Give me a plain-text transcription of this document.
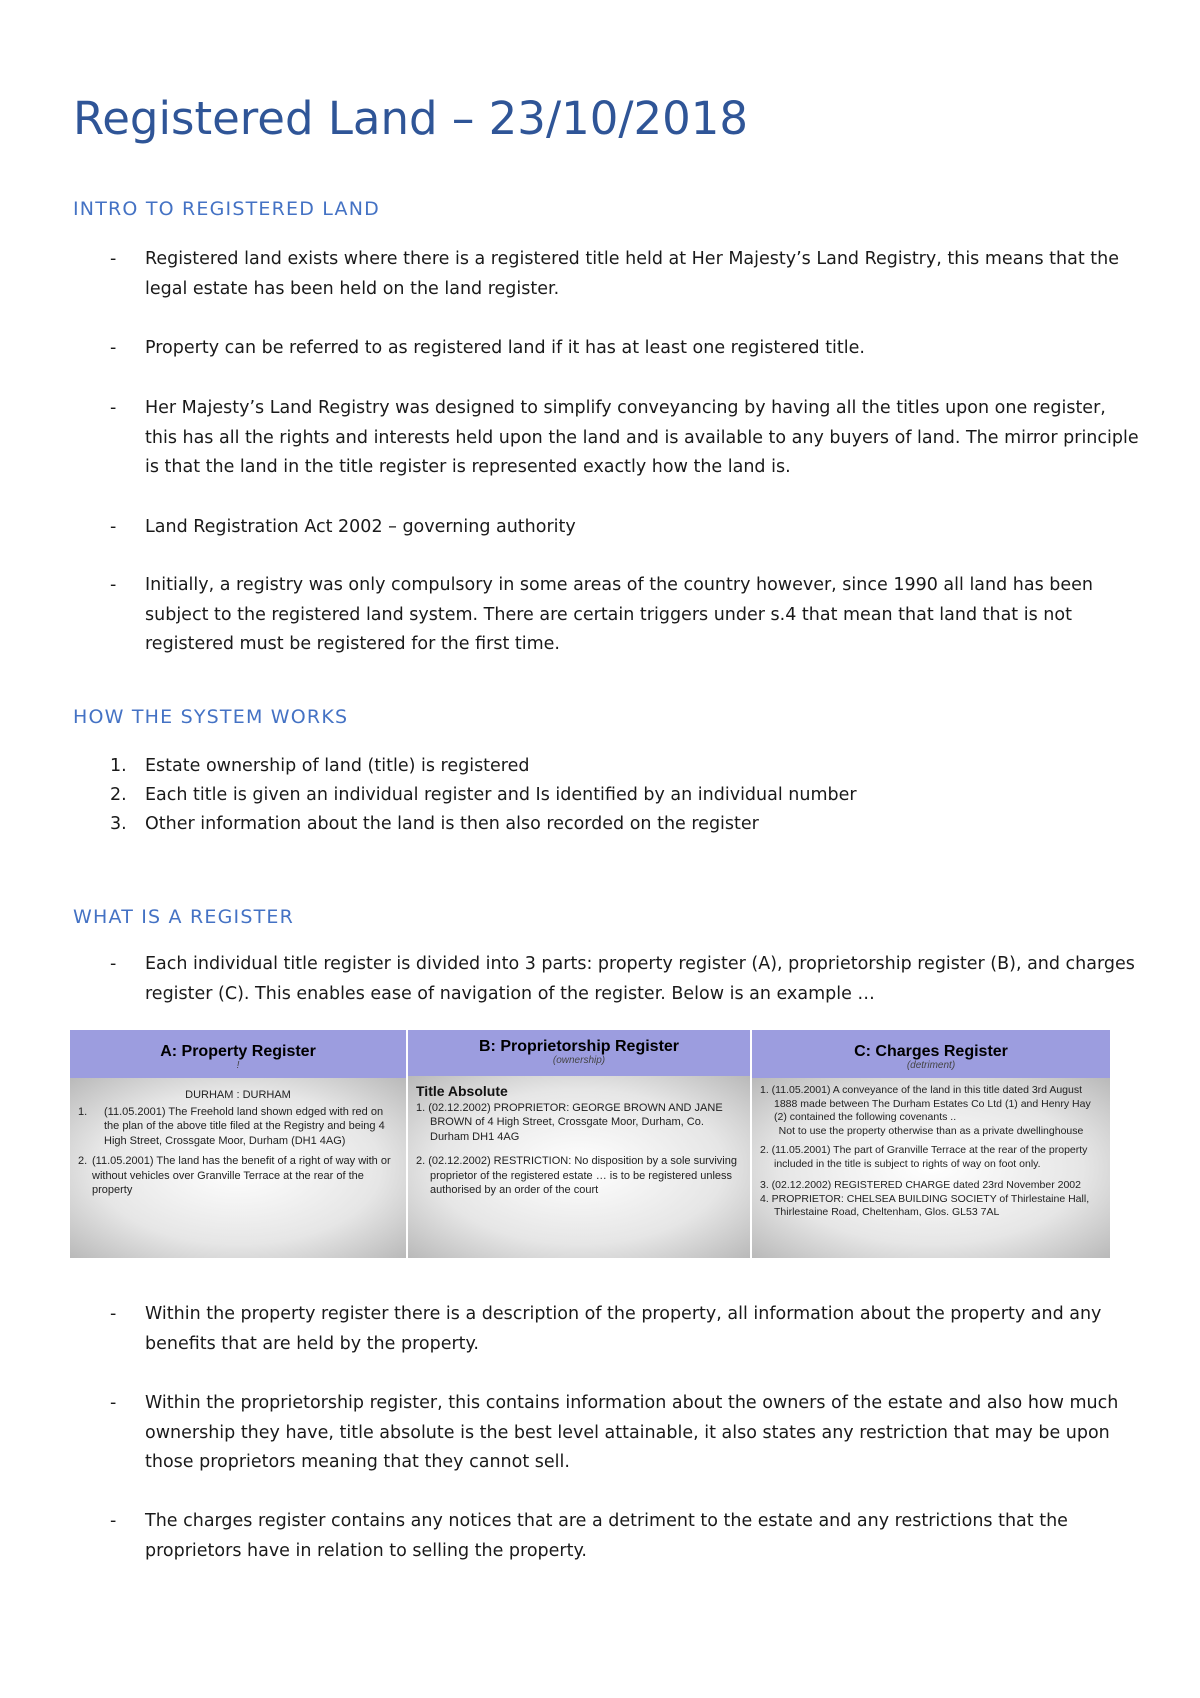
Registered Land – 23/10/2018
INTRO TO REGISTERED LAND
- Registered land exists where there is a registered title held at Her Majesty’s Land Registry, this means that the legal estate has been held on the land register.
- Property can be referred to as registered land if it has at least one registered title.
- Her Majesty’s Land Registry was designed to simplify conveyancing by having all the titles upon one register, this has all the rights and interests held upon the land and is available to any buyers of land. The mirror principle is that the land in the title register is represented exactly how the land is.
- Land Registration Act 2002 – governing authority
- Initially, a registry was only compulsory in some areas of the country however, since 1990 all land has been subject to the registered land system. There are certain triggers under s.4 that mean that land that is not registered must be registered for the first time.
HOW THE SYSTEM WORKS
1. Estate ownership of land (title) is registered
2. Each title is given an individual register and Is identified by an individual number
3. Other information about the land is then also recorded on the register
WHAT IS A REGISTER
- Each individual title register is divided into 3 parts: property register (A), proprietorship register (B), and charges register (C). This enables ease of navigation of the register. Below is an example …
- Within the property register there is a description of the property, all information about the property and any benefits that are held by the property.
- Within the proprietorship register, this contains information about the owners of the estate and also how much ownership they have, title absolute is the best level attainable, it also states any restriction that may be upon those proprietors meaning that they cannot sell.
- The charges register contains any notices that are a detriment to the estate and any restrictions that the proprietors have in relation to selling the property.
A: Property Register
!
DURHAM : DURHAM
1.	(11.05.2001) The Freehold land shown edged with red on the plan of the above title filed at the Registry and being 4 High Street, Crossgate Moor, Durham (DH1 4AG)
2. (11.05.2001) The land has the benefit of a right of way with or without vehicles over Granville Terrace at the rear of the property
B: Proprietorship Register
(ownership)
Title Absolute
1. (02.12.2002) PROPRIETOR: GEORGE BROWN AND JANE BROWN of 4 High Street, Crossgate Moor, Durham, Co. Durham DH1 4AG
2. (02.12.2002) RESTRICTION: No disposition by a sole surviving proprietor of the registered estate … is to be registered unless authorised by an order of the court
C: Charges Register
(detriment)
1. (11.05.2001) A conveyance of the land in this title dated 3rd August 1888 made between The Durham Estates Co Ltd (1) and Henry Hay (2) contained the following covenants ..
Not to use the property otherwise than as a private dwellinghouse
2. (11.05.2001) The part of Granville Terrace at the rear of the property included in the title is subject to rights of way on foot only.
3. (02.12.2002) REGISTERED CHARGE dated 23rd November 2002
4. PROPRIETOR: CHELSEA BUILDING SOCIETY of Thirlestaine Hall, Thirlestaine Road, Cheltenham, Glos. GL53 7AL
